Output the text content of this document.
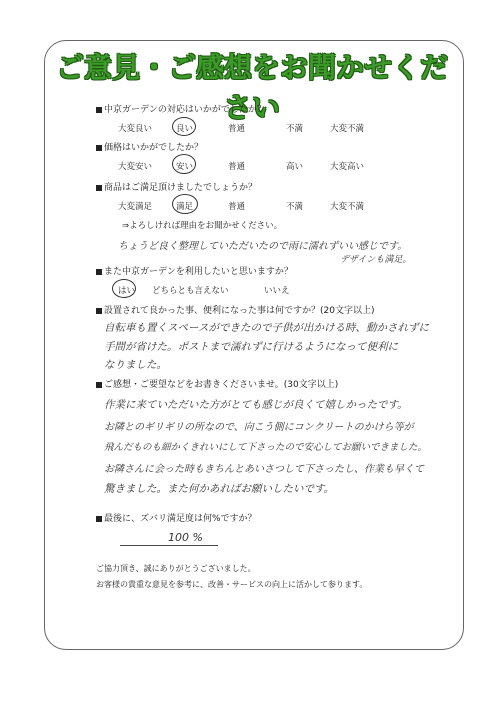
ご意見・ご感想をお聞かせください
中京ガーデンの対応はいかがでしたか？
大変良い	良い	普通	不満	大変不満
価格はいかがでしたか？
大変安い	安い	普通	高い	大変高い
商品はご満足頂けましたでしょうか？
大変満足	満足	普通	不満	大変不満
⇒よろしければ理由をお聞かせください。
ちょうど良く整理していただいたので雨に濡れずいい感じです。
デザインも満足。
また中京ガーデンを利用したいと思いますか？
はい どちらとも言えない	いいえ
設置されて良かった事、便利になった事は何ですか？(20文字以上)
自転車も置くスペースができたので子供が出かける時、動かされずに
手間が省けた。ポストまで濡れずに行けるようになって便利に
なりました。
ご感想・ご要望などをお書きくださいませ。(30文字以上)
作業に来ていただいた方がとても感じが良くて嬉しかったです。
お隣とのギリギリの所なので、向こう側にコンクリートのかけら等が
飛んだものも細かくきれいにして下さったので安心してお願いできました。
お隣さんに会った時もきちんとあいさつして下さったし、作業も早くて
驚きました。また何かあればお願いしたいです。
最後に、ズバリ満足度は何%ですか？
100 %
ご協力頂き、誠にありがとうございました。
お客様の貴重な意見を参考に、改善・サービスの向上に活かして参ります。
